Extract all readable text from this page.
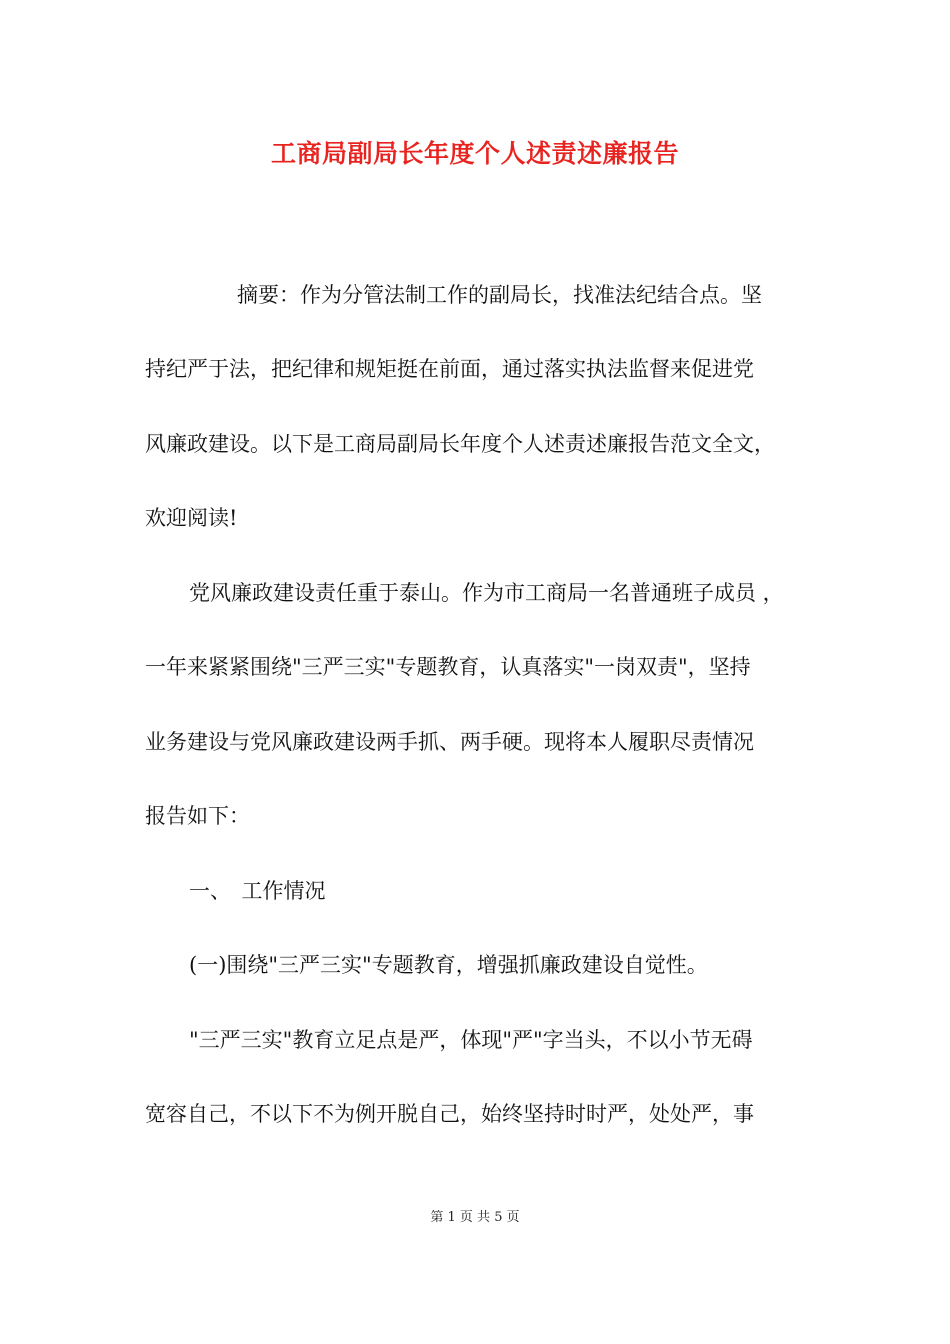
工商局副局长年度个人述责述廉报告
摘要：作为分管法制工作的副局长，找准法纪结合点。坚
持纪严于法，把纪律和规矩挺在前面，通过落实执法监督来促进党
风廉政建设。以下是工商局副局长年度个人述责述廉报告范文全文，
欢迎阅读!
党风廉政建设责任重于泰山。作为市工商局一名普通班子成员 ，
一年来紧紧围绕"三严三实"专题教育，认真落实"一岗双责"，坚持
业务建设与党风廉政建设两手抓、两手硬。现将本人履职尽责情况
报告如下：
一、　工作情况
(一)围绕"三严三实"专题教育，增强抓廉政建设自觉性。
"三严三实"教育立足点是严，体现"严"字当头，不以小节无碍
宽容自己，不以下不为例开脱自己，始终坚持时时严，处处严，事
第 1 页 共 5 页
